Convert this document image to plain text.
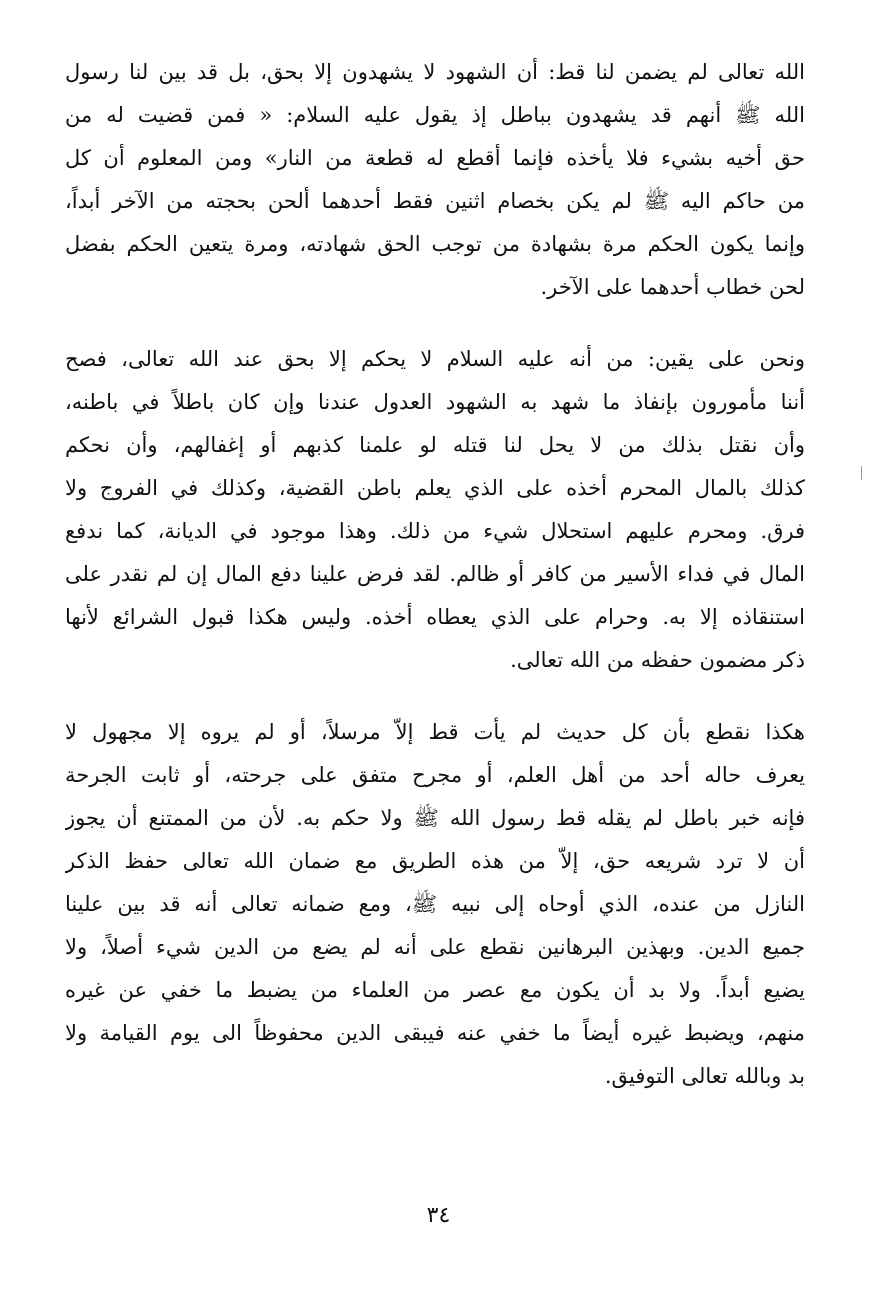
الله تعالى لم يضمن لنا قط: أن الشهود لا يشهدون إلا بحق، بل قد بين لنا رسول
الله ﷺ أنهم قد يشهدون بباطل إذ يقول عليه السلام: « فمن قضيت له من
حق أخيه بشيء فلا يأخذه فإنما أقطع له قطعة من النار» ومن المعلوم أن كل
من حاكم اليه ﷺ لم يكن بخصام اثنين فقط أحدهما ألحن بحجته من الآخر أبداً،
وإنما يكون الحكم مرة بشهادة من توجب الحق شهادته، ومرة يتعين الحكم بفضل
لحن خطاب أحدهما على الآخر.
ونحن على يقين: من أنه عليه السلام لا يحكم إلا بحق عند الله تعالى، فصح
أننا مأمورون بإنفاذ ما شهد به الشهود العدول عندنا وإن كان باطلاً في باطنه،
وأن نقتل بذلك من لا يحل لنا قتله لو علمنا كذبهم أو إغفالهم، وأن نحكم
كذلك بالمال المحرم أخذه على الذي يعلم باطن القضية، وكذلك في الفروج ولا
فرق. ومحرم عليهم استحلال شيء من ذلك. وهذا موجود في الديانة، كما ندفع
المال في فداء الأسير من كافر أو ظالم. لقد فرض علينا دفع المال إن لم نقدر على
استنقاذه إلا به. وحرام على الذي يعطاه أخذه. وليس هكذا قبول الشرائع لأنها
ذكر مضمون حفظه من الله تعالى.
هكذا نقطع بأن كل حديث لم يأت قط إلاّ مرسلاً، أو لم يروه إلا مجهول لا
يعرف حاله أحد من أهل العلم، أو مجرح متفق على جرحته، أو ثابت الجرحة
فإنه خبر باطل لم يقله قط رسول الله ﷺ ولا حكم به. لأن من الممتنع أن يجوز
أن لا ترد شريعه حق، إلاّ من هذه الطريق مع ضمان الله تعالى حفظ الذكر
النازل من عنده، الذي أوحاه إلى نبيه ﷺ، ومع ضمانه تعالى أنه قد بين علينا
جميع الدين. وبهذين البرهانين نقطع على أنه لم يضع من الدين شيء أصلاً، ولا
يضيع أبداً. ولا بد أن يكون مع عصر من العلماء من يضبط ما خفي عن غيره
منهم، ويضبط غيره أيضاً ما خفي عنه فيبقى الدين محفوظاً الى يوم القيامة ولا
بد وبالله تعالى التوفيق.
٣٤
